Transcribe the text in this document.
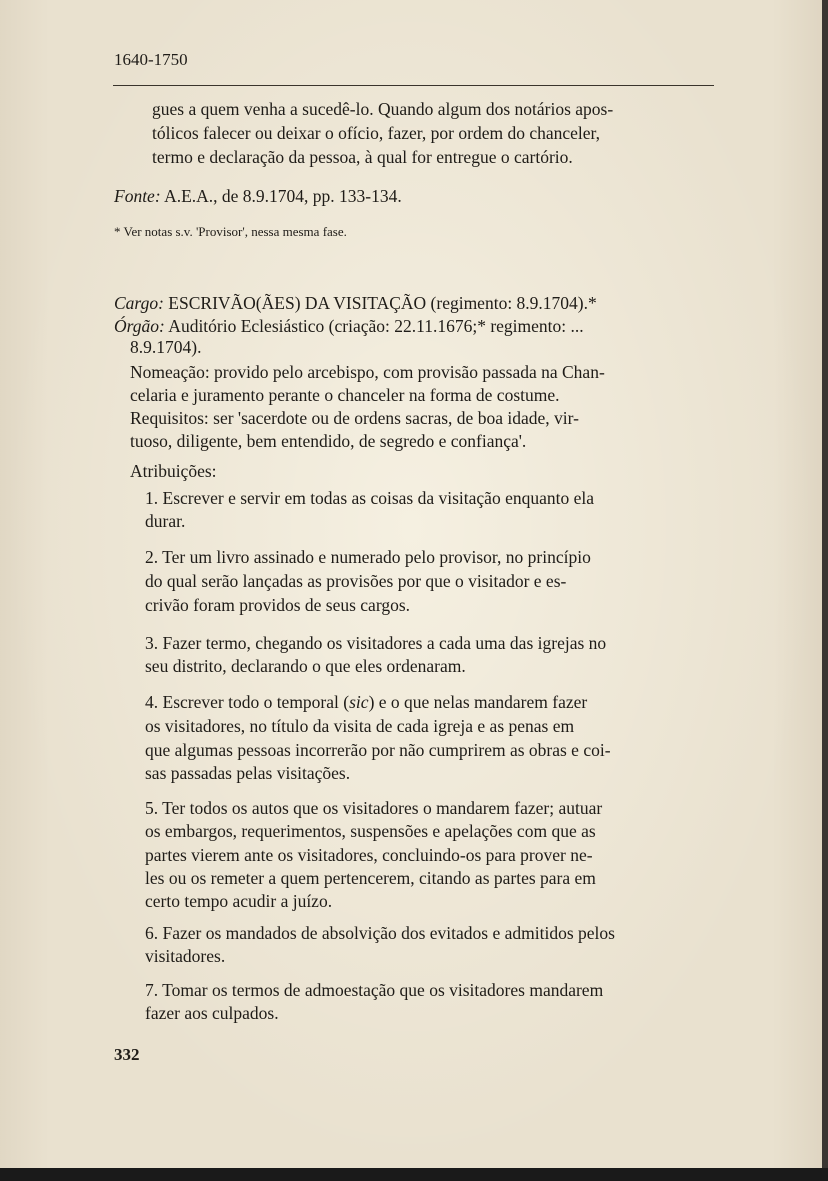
1640-1750
gues a quem venha a sucedê-lo. Quando algum dos notários apos-
tólicos falecer ou deixar o ofício, fazer, por ordem do chanceler,
termo e declaração da pessoa, à qual for entregue o cartório.
Fonte: A.E.A., de 8.9.1704, pp. 133-134.
* Ver notas s.v. 'Provisor', nessa mesma fase.
Cargo: ESCRIVÃO(ÃES) DA VISITAÇÃO (regimento: 8.9.1704).*
Órgão: Auditório Eclesiástico (criação: 22.11.1676;* regimento: ...
8.9.1704).
Nomeação: provido pelo arcebispo, com provisão passada na Chan-
celaria e juramento perante o chanceler na forma de costume.
Requisitos: ser 'sacerdote ou de ordens sacras, de boa idade, vir-
tuoso, diligente, bem entendido, de segredo e confiança'.
Atribuições:
1. Escrever e servir em todas as coisas da visitação enquanto ela
durar.
2. Ter um livro assinado e numerado pelo provisor, no princípio
do qual serão lançadas as provisões por que o visitador e es-
crivão foram providos de seus cargos.
3. Fazer termo, chegando os visitadores a cada uma das igrejas no
seu distrito, declarando o que eles ordenaram.
4. Escrever todo o temporal (sic) e o que nelas mandarem fazer
os visitadores, no título da visita de cada igreja e as penas em
que algumas pessoas incorrerão por não cumprirem as obras e coi-
sas passadas pelas visitações.
5. Ter todos os autos que os visitadores o mandarem fazer; autuar
os embargos, requerimentos, suspensões e apelações com que as
partes vierem ante os visitadores, concluindo-os para prover ne-
les ou os remeter a quem pertencerem, citando as partes para em
certo tempo acudir a juízo.
6. Fazer os mandados de absolvição dos evitados e admitidos pelos
visitadores.
7. Tomar os termos de admoestação que os visitadores mandarem
fazer aos culpados.
332
